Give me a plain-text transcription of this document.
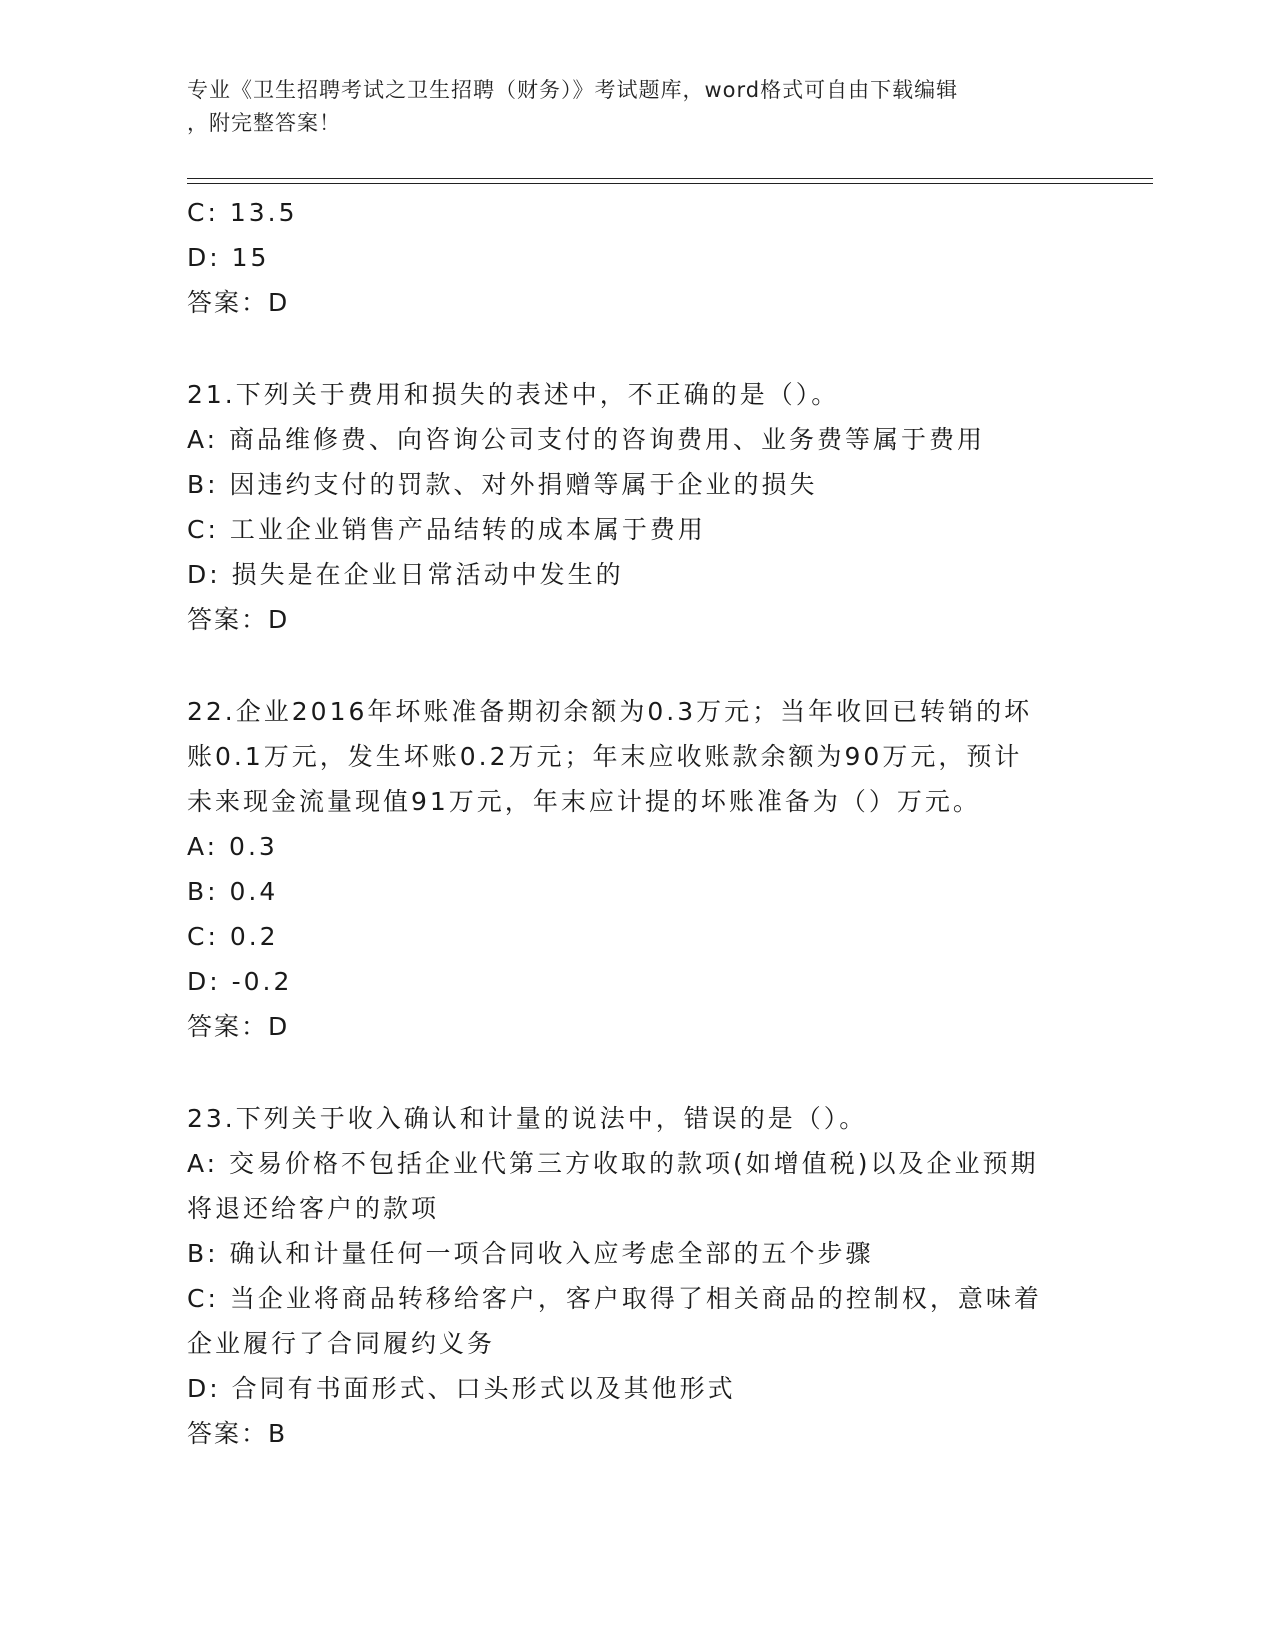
专业《卫生招聘考试之卫生招聘（财务）》考试题库，word格式可自由下载编辑
，附完整答案！
C: 13.5
D: 15
答案：D
21.下列关于费用和损失的表述中，不正确的是（）。
A: 商品维修费、向咨询公司支付的咨询费用、业务费等属于费用
B: 因违约支付的罚款、对外捐赠等属于企业的损失
C: 工业企业销售产品结转的成本属于费用
D: 损失是在企业日常活动中发生的
答案：D
22.企业2016年坏账准备期初余额为0.3万元；当年收回已转销的坏
账0.1万元，发生坏账0.2万元；年末应收账款余额为90万元，预计
未来现金流量现值91万元，年末应计提的坏账准备为（）万元。
A: 0.3
B: 0.4
C: 0.2
D: -0.2
答案：D
23.下列关于收入确认和计量的说法中，错误的是（）。
A: 交易价格不包括企业代第三方收取的款项(如增值税)以及企业预期
将退还给客户的款项
B: 确认和计量任何一项合同收入应考虑全部的五个步骤
C: 当企业将商品转移给客户，客户取得了相关商品的控制权，意味着
企业履行了合同履约义务
D: 合同有书面形式、口头形式以及其他形式
答案：B
